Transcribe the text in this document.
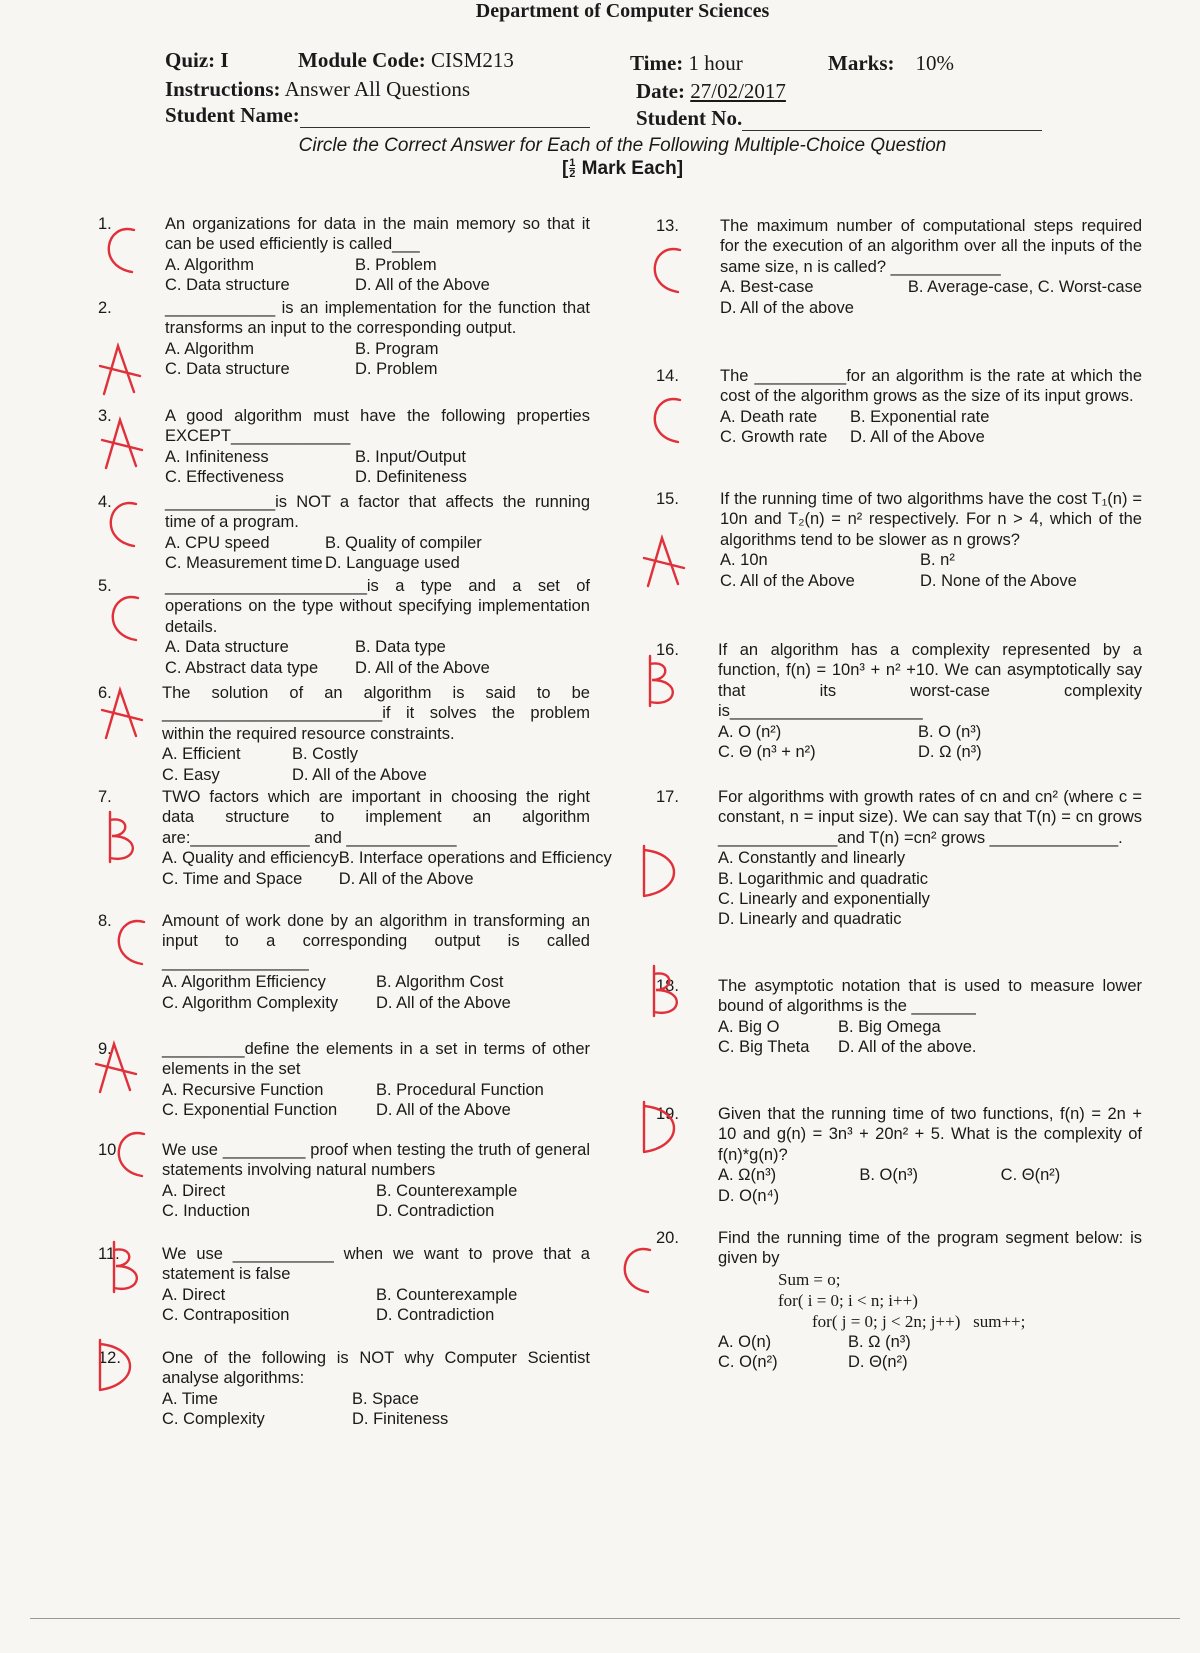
Department of Computer Sciences
Quiz: I	Module Code: CISM213	Time: 1 hour	Marks: 10%
Instructions: Answer All Questions	Date: 27/02/2017
Student Name:	Student No.
Circle the Correct Answer for Each of the Following Multiple-Choice Question
[ $\frac{1}{2}$ Mark Each]
1.	An organizations for data in the main memory so that it can be used efficiently is called___
A. Algorithm	B. Problem
C. Data structure	D. All of the Above
2.	____________ is an implementation for the function that transforms an input to the corresponding output.
A. Algorithm	B. Program
C. Data structure	D. Problem
3.	A good algorithm must have the following properties EXCEPT_____________
A. Infiniteness	B. Input/Output
C. Effectiveness	D. Definiteness
4.	____________is NOT a factor that affects the running time of a program.
A. CPU speed	B. Quality of compiler
C. Measurement time D. Language used
5.	______________________is a type and a set of operations on the type without specifying implementation details.
A. Data structure	B. Data type
C. Abstract data type	D. All of the Above
6.	The solution of an algorithm is said to be ________________________if it solves the problem within the required resource constraints.
A. Efficient	B. Costly
C. Easy	D. All of the Above
7.	TWO factors which are important in choosing the right data structure to implement an algorithm are:_____________ and ____________
A. Quality and efficiency B. Interface operations and Efficiency
C. Time and Space	D. All of the Above
8.	Amount of work done by an algorithm in transforming an input to a corresponding output is called ________________
A. Algorithm Efficiency	B. Algorithm Cost
C. Algorithm Complexity	D. All of the Above
9.	_________define the elements in a set in terms of other elements in the set
A. Recursive Function	B. Procedural Function
C. Exponential Function	D. All of the Above
10. We use _________ proof when testing the truth of general statements involving natural numbers
A. Direct	B. Counterexample
C. Induction	D. Contradiction
11.	We use ___________ when we want to prove that a statement is false
A. Direct	B. Counterexample
C. Contraposition	D. Contradiction
12. One of the following is NOT why Computer Scientist analyse algorithms:
A. Time	B. Space
C. Complexity	D. Finiteness
13. The maximum number of computational steps required for the execution of an algorithm over all the inputs of the same size, n is called? ____________
A. Best-case	B. Average-case, C. Worst-case
D. All of the above
14. The __________for an algorithm is the rate at which the cost of the algorithm grows as the size of its input grows.
A. Death rate	B. Exponential rate
C. Growth rate	D. All of the Above
15. If the running time of two algorithms have the cost T₁(n) = 10n and T₂(n) = n² respectively. For n > 4, which of the algorithms tend to be slower as n grows?
A. 10n	B. n²
C. All of the Above	D. None of the Above
16. If an algorithm has a complexity represented by a function, f(n) = 10n³ + n² +10. We can asymptotically say that its worst-case complexity is_____________________
A. O (n²)	B. O (n³)
C. Θ (n³ + n²)	D. Ω (n³)
17. For algorithms with growth rates of cn and cn² (where c = constant, n = input size). We can say that T(n) = cn grows _____________and T(n) =cn² grows ______________.
A. Constantly and linearly
B. Logarithmic and quadratic
C. Linearly and exponentially
D. Linearly and quadratic
18. The asymptotic notation that is used to measure lower bound of algorithms is the _______
A. Big O	B. Big Omega
C. Big Theta	D. All of the above.
19. Given that the running time of two functions, f(n) = 2n + 10 and g(n) = 3n³ + 20n² + 5. What is the complexity of f(n)*g(n)?
A. Ω(n³)	B. O(n³)	C. Θ(n²)
D. O(n⁴)
20. Find the running time of the program segment below: is given by
Sum = o;
for( i = 0; i < n; i++)
for( j = 0; j < 2n; j++)   sum++;
A. O(n)	B. Ω (n³)
C. O(n²)	D. Θ(n²)
